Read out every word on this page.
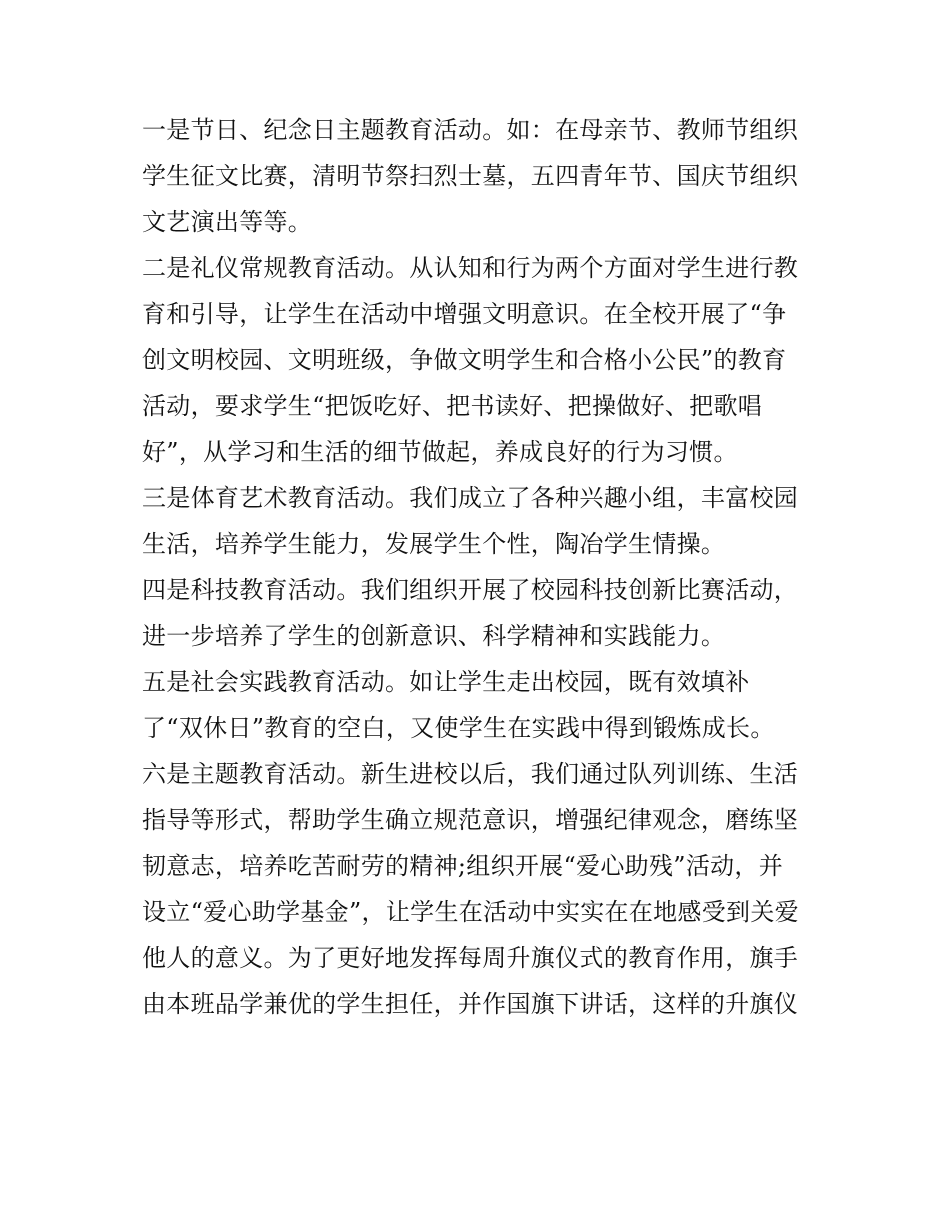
一是节日、纪念日主题教育活动。如：在母亲节、教师节组织
学生征文比赛，清明节祭扫烈士墓，五四青年节、国庆节组织
文艺演出等等。
二是礼仪常规教育活动。从认知和行为两个方面对学生进行教
育和引导，让学生在活动中增强文明意识。在全校开展了“争
创文明校园、文明班级，争做文明学生和合格小公民”的教育
活动，要求学生“把饭吃好、把书读好、把操做好、把歌唱
好”，从学习和生活的细节做起，养成良好的行为习惯。
三是体育艺术教育活动。我们成立了各种兴趣小组，丰富校园
生活，培养学生能力，发展学生个性，陶冶学生情操。
四是科技教育活动。我们组织开展了校园科技创新比赛活动，
进一步培养了学生的创新意识、科学精神和实践能力。
五是社会实践教育活动。如让学生走出校园，既有效填补
了“双休日”教育的空白，又使学生在实践中得到锻炼成长。
六是主题教育活动。新生进校以后，我们通过队列训练、生活
指导等形式，帮助学生确立规范意识，增强纪律观念，磨练坚
韧意志，培养吃苦耐劳的精神;组织开展“爱心助残”活动，并
设立“爱心助学基金”，让学生在活动中实实在在地感受到关爱
他人的意义。为了更好地发挥每周升旗仪式的教育作用，旗手
由本班品学兼优的学生担任，并作国旗下讲话，这样的升旗仪
